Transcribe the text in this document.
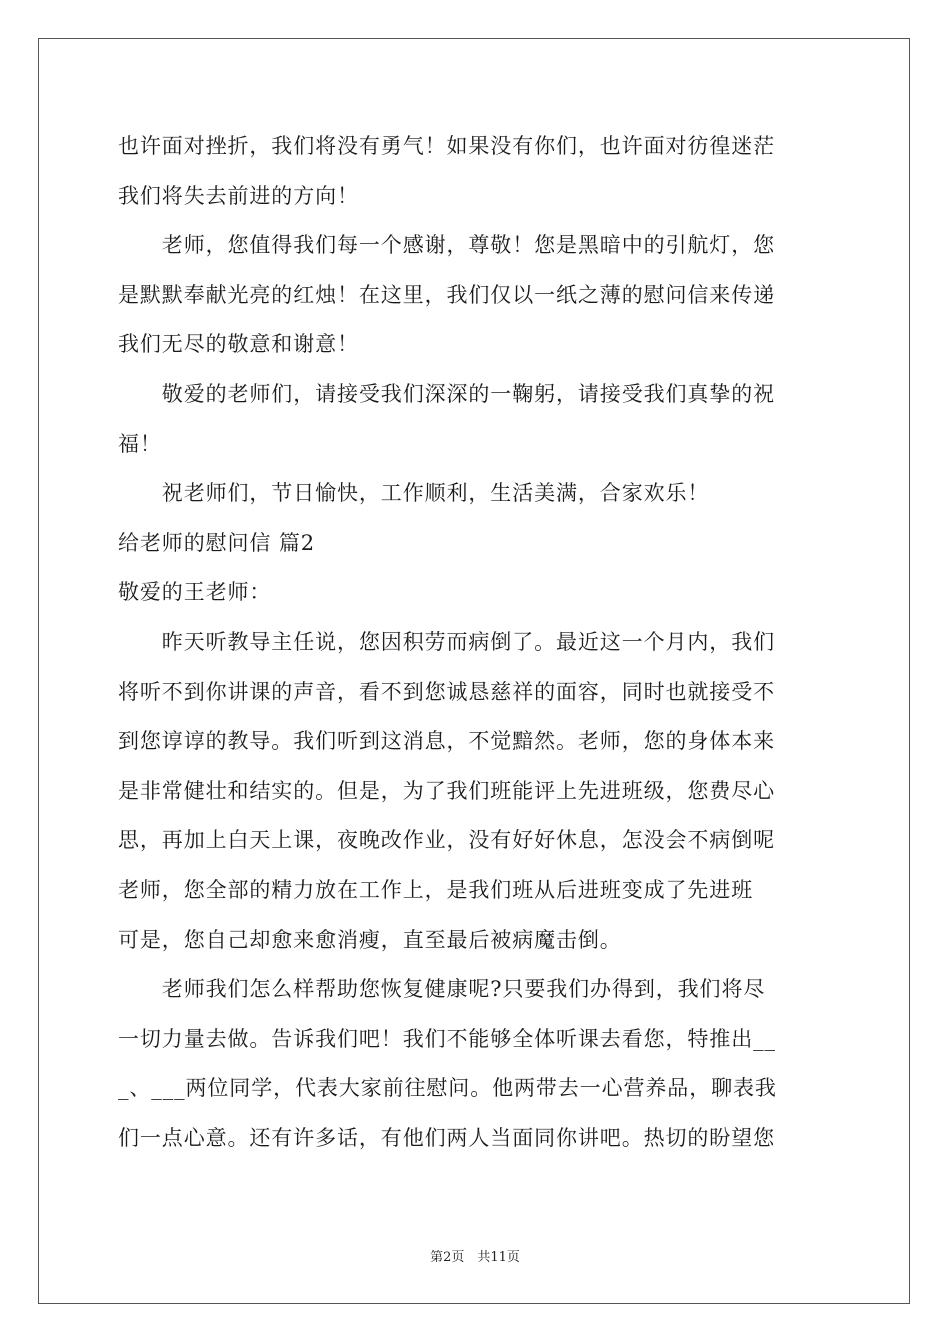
也许面对挫折，我们将没有勇气！如果没有你们，也许面对彷徨迷茫
我们将失去前进的方向！
　　老师，您值得我们每一个感谢，尊敬！您是黑暗中的引航灯，您
是默默奉献光亮的红烛！在这里，我们仅以一纸之薄的慰问信来传递
我们无尽的敬意和谢意！
　　敬爱的老师们，请接受我们深深的一鞠躬，请接受我们真挚的祝
福！
　　祝老师们，节日愉快，工作顺利，生活美满，合家欢乐！
给老师的慰问信 篇2
敬爱的王老师：
　　昨天听教导主任说，您因积劳而病倒了。最近这一个月内，我们
将听不到你讲课的声音，看不到您诚恳慈祥的面容，同时也就接受不
到您谆谆的教导。我们听到这消息，不觉黯然。老师，您的身体本来
是非常健壮和结实的。但是，为了我们班能评上先进班级，您费尽心
思，再加上白天上课，夜晚改作业，没有好好休息，怎没会不病倒呢
老师，您全部的精力放在工作上，是我们班从后进班变成了先进班
可是，您自己却愈来愈消瘦，直至最后被病魔击倒。
　　老师我们怎么样帮助您恢复健康呢?只要我们办得到，我们将尽
一切力量去做。告诉我们吧！我们不能够全体听课去看您，特推出__
_、___两位同学，代表大家前往慰问。他两带去一心营养品，聊表我
们一点心意。还有许多话，有他们两人当面同你讲吧。热切的盼望您
第2页　共11页
